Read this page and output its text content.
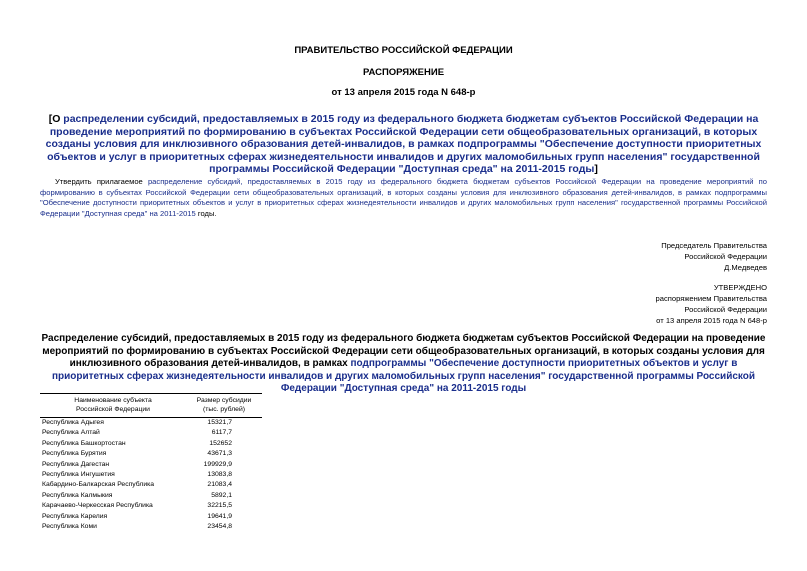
ПРАВИТЕЛЬСТВО РОССИЙСКОЙ ФЕДЕРАЦИИ
РАСПОРЯЖЕНИЕ
от 13 апреля 2015 года N 648-р
[О распределении субсидий, предоставляемых в 2015 году из федерального бюджета бюджетам субъектов Российской Федерации на проведение мероприятий по формированию в субъектах Российской Федерации сети общеобразовательных организаций, в которых созданы условия для инклюзивного образования детей-инвалидов, в рамках подпрограммы "Обеспечение доступности приоритетных объектов и услуг в приоритетных сферах жизнедеятельности инвалидов и других маломобильных групп населения" государственной программы Российской Федерации "Доступная среда" на 2011-2015 годы]
Утвердить прилагаемое распределение субсидий, предоставляемых в 2015 году из федерального бюджета бюджетам субъектов Российской Федерации на проведение мероприятий по формированию в субъектах Российской Федерации сети общеобразовательных организаций, в которых созданы условия для инклюзивного образования детей-инвалидов, в рамках подпрограммы "Обеспечение доступности приоритетных объектов и услуг в приоритетных сферах жизнедеятельности инвалидов и других маломобильных групп населения" государственной программы Российской Федерации "Доступная среда" на 2011-2015 годы.
Председатель Правительства
Российской Федерации
Д.Медведев
УТВЕРЖДЕНО
распоряжением Правительства
Российской Федерации
от 13 апреля 2015 года N 648-р
Распределение субсидий, предоставляемых в 2015 году из федерального бюджета бюджетам субъектов Российской Федерации на проведение мероприятий по формированию в субъектах Российской Федерации сети общеобразовательных организаций, в которых созданы условия для инклюзивного образования детей-инвалидов, в рамках подпрограммы "Обеспечение доступности приоритетных объектов и услуг в приоритетных сферах жизнедеятельности инвалидов и других маломобильных групп населения" государственной программы Российской Федерации "Доступная среда" на 2011-2015 годы
Наименование субъекта
Российской Федерации	Размер субсидии
(тыс. рублей)
Республика Адыгея	15321,7
Республика Алтай	6117,7
Республика Башкортостан	152652
Республика Бурятия	43671,3
Республика Дагестан	199929,9
Республика Ингушетия	13083,8
Кабардино-Балкарская Республика	21083,4
Республика Калмыкия	5892,1
Карачаево-Черкесская Республика	32215,5
Республика Карелия	19641,9
Республика Коми	23454,8
